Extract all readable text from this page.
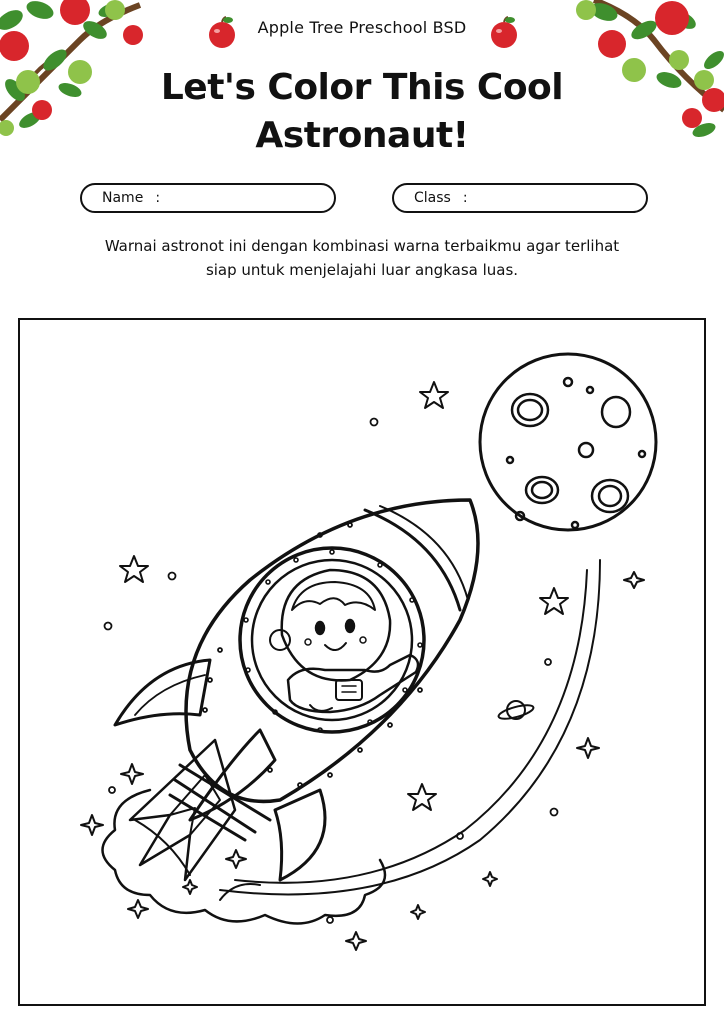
Apple Tree Preschool BSD
Let's Color This Cool
Astronaut!
Name :	Class :
Warnai astronot ini dengan kombinasi warna terbaikmu agar terlihat
siap untuk menjelajahi luar angkasa luas.
